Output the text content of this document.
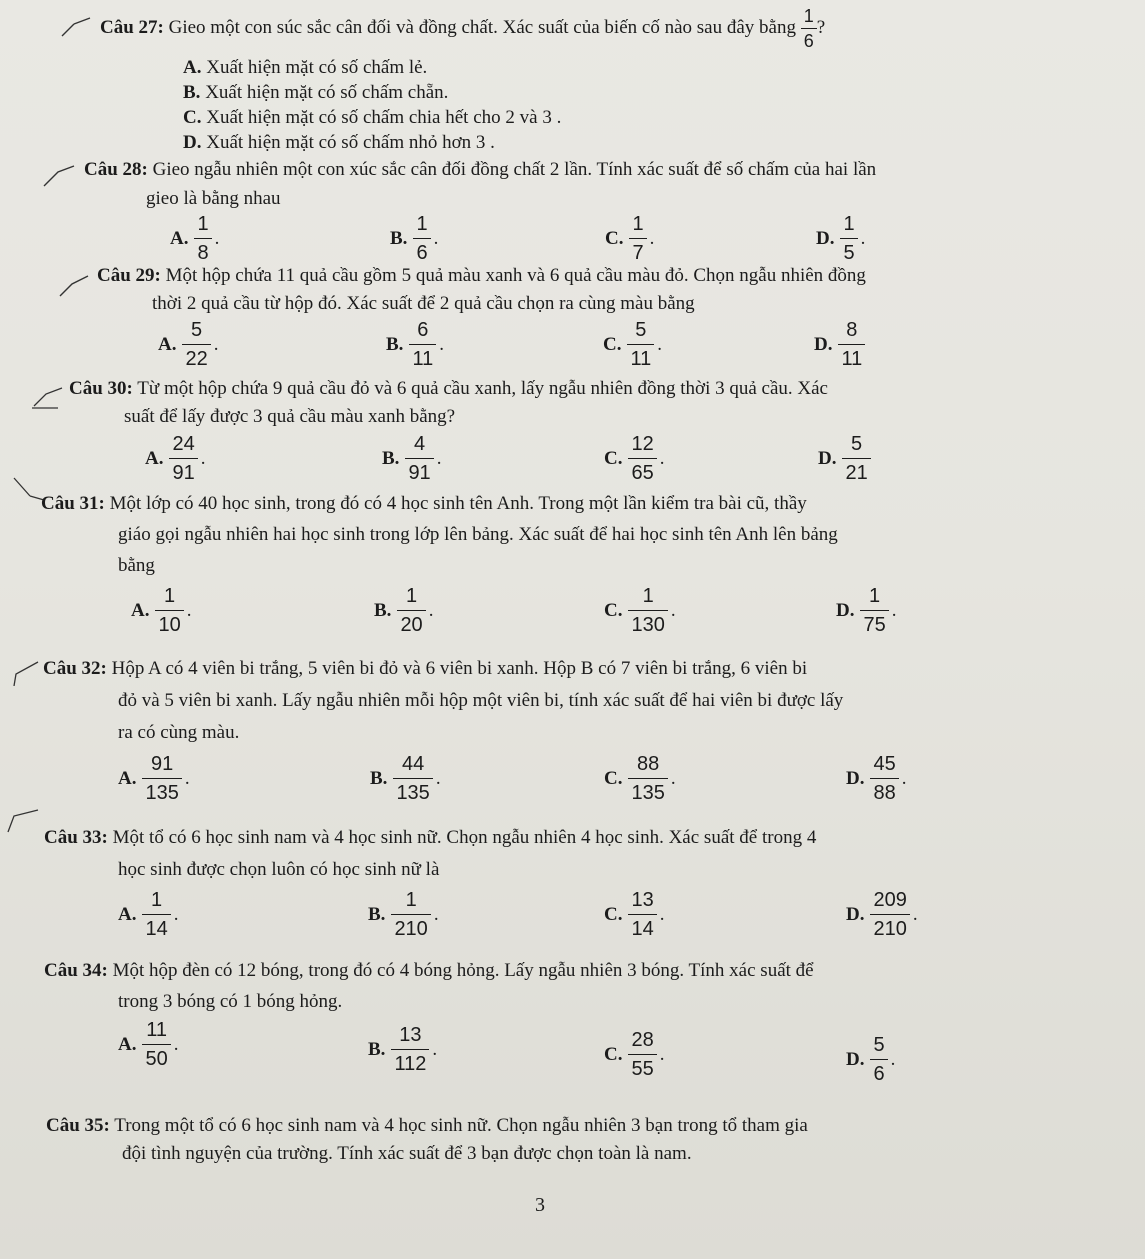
Câu 27: Gieo một con súc sắc cân đối và đồng chất. Xác suất của biến cố nào sau đây bằng $\frac{1}{6}$ ?
A. Xuất hiện mặt có số chấm lẻ.
B. Xuất hiện mặt có số chấm chẵn.
C. Xuất hiện mặt có số chấm chia hết cho 2 và 3 .
D. Xuất hiện mặt có số chấm nhỏ hơn 3 .
Câu 28: Gieo ngẫu nhiên một con xúc sắc cân đối đồng chất 2 lần. Tính xác suất để số chấm của hai lần
gieo là bằng nhau
A. $\frac{1}{8}$ .	B. $\frac{1}{6}$ .	C. $\frac{1}{7}$ .	D. $\frac{1}{5}$ .
Câu 29: Một hộp chứa 11 quả cầu gồm 5 quả màu xanh và 6 quả cầu màu đỏ. Chọn ngẫu nhiên đồng
thời 2 quả cầu từ hộp đó. Xác suất để 2 quả cầu chọn ra cùng màu bằng
A. $\frac{5}{22}$ .	B. $\frac{6}{11}$ .	C. $\frac{5}{11}$ .	D. $\frac{8}{11}$
Câu 30: Từ một hộp chứa 9 quả cầu đỏ và 6 quả cầu xanh, lấy ngẫu nhiên đồng thời 3 quả cầu. Xác
suất để lấy được 3 quả cầu màu xanh bằng?
A. $\frac{24}{91}$ .	B. $\frac{4}{91}$ .	C. $\frac{12}{65}$ .	D. $\frac{5}{21}$
Câu 31: Một lớp có 40 học sinh, trong đó có 4 học sinh tên Anh. Trong một lần kiểm tra bài cũ, thầy
giáo gọi ngẫu nhiên hai học sinh trong lớp lên bảng. Xác suất để hai học sinh tên Anh lên bảng
bằng
A. $\frac{1}{10}$ .	B. $\frac{1}{20}$ .	C. $\frac{1}{130}$ .	D. $\frac{1}{75}$ .
Câu 32: Hộp A có 4 viên bi trắng, 5 viên bi đỏ và 6 viên bi xanh. Hộp B có 7 viên bi trắng, 6 viên bi
đỏ và 5 viên bi xanh. Lấy ngẫu nhiên mỗi hộp một viên bi, tính xác suất để hai viên bi được lấy
ra có cùng màu.
A. $\frac{91}{135}$ .	B. $\frac{44}{135}$ .	C. $\frac{88}{135}$ .	D. $\frac{45}{88}$ .
Câu 33: Một tổ có 6 học sinh nam và 4 học sinh nữ. Chọn ngẫu nhiên 4 học sinh. Xác suất để trong 4
học sinh được chọn luôn có học sinh nữ là
A. $\frac{1}{14}$ .	B. $\frac{1}{210}$ .	C. $\frac{13}{14}$ .	D. $\frac{209}{210}$ .
Câu 34: Một hộp đèn có 12 bóng, trong đó có 4 bóng hỏng. Lấy ngẫu nhiên 3 bóng. Tính xác suất để
trong 3 bóng có 1 bóng hỏng.
A. $\frac{11}{50}$ .	B. $\frac{13}{112}$ .	C. $\frac{28}{55}$ .	D. $\frac{5}{6}$ .
Câu 35: Trong một tổ có 6 học sinh nam và 4 học sinh nữ. Chọn ngẫu nhiên 3 bạn trong tổ tham gia
đội tình nguyện của trường. Tính xác suất để 3 bạn được chọn toàn là nam.
3
